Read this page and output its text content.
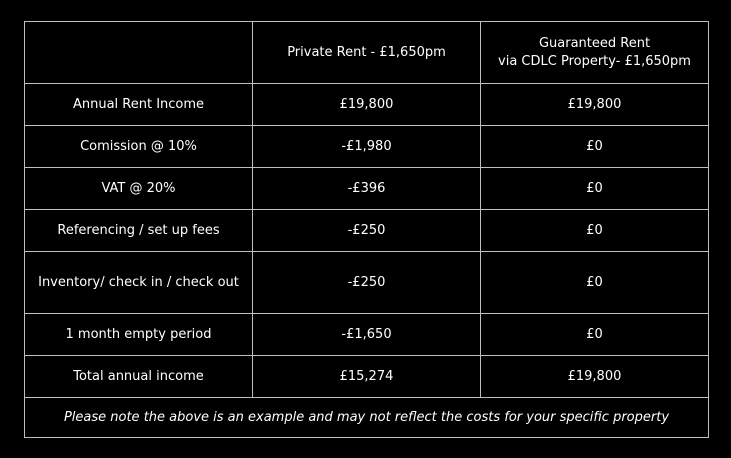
	Private Rent - £1,650pm	Guaranteed Rent
via CDLC Property- £1,650pm
Annual Rent Income	£19,800	£19,800
Comission @ 10%	-£1,980	£0
VAT @ 20%	-£396	£0
Referencing / set up fees	-£250	£0
Inventory/ check in / check out	-£250	£0
1 month empty period	-£1,650	£0
Total annual income	£15,274	£19,800
Please note the above is an example and may not reflect the costs for your specific property		
